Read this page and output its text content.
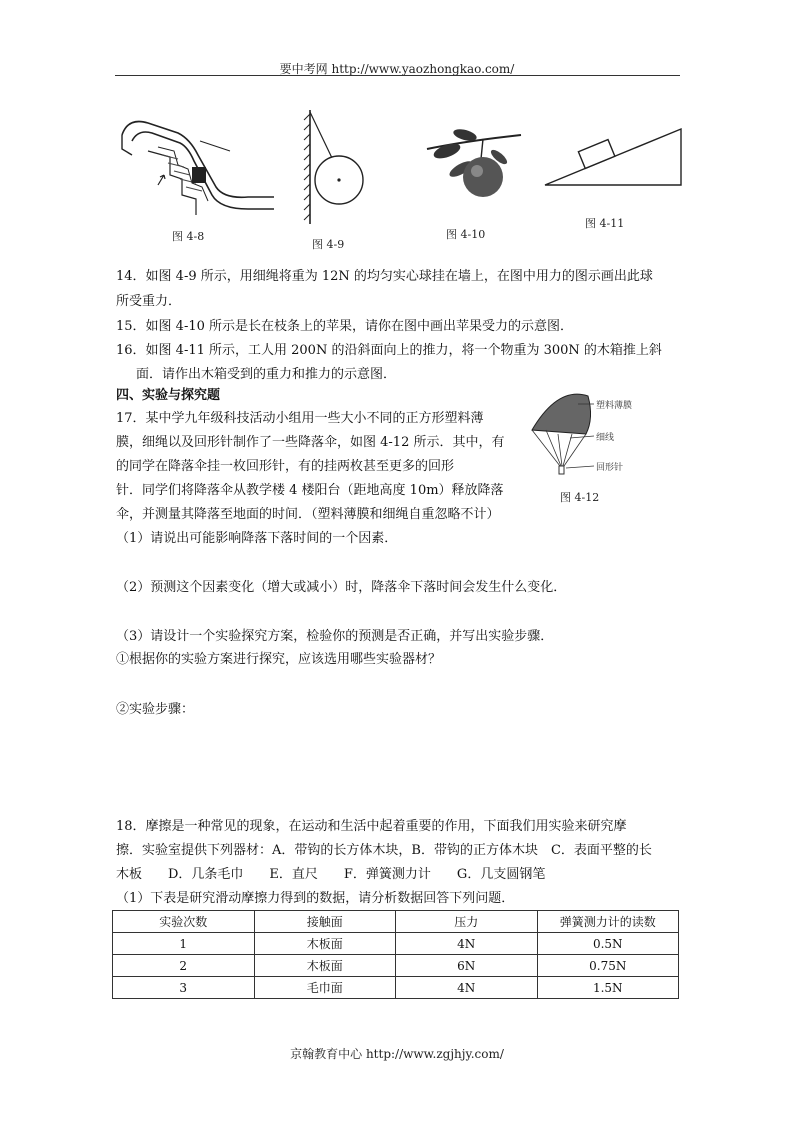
要中考网 http://www.yaozhongkao.com/
图 4-8
图 4-9
图 4-10
图 4-11
14．如图 4-9 所示，用细绳将重为 12N 的均匀实心球挂在墙上，在图中用力的图示画出此球
所受重力．
15．如图 4-10 所示是长在枝条上的苹果，请你在图中画出苹果受力的示意图．
16．如图 4-11 所示，工人用 200N 的沿斜面向上的推力，将一个物重为 300N 的木箱推上斜
面．请作出木箱受到的重力和推力的示意图．
四、实验与探究题
17．某中学九年级科技活动小组用一些大小不同的正方形塑料薄
膜，细绳以及回形针制作了一些降落伞，如图 4-12 所示．其中，有
的同学在降落伞挂一枚回形针，有的挂两枚甚至更多的回形
针．同学们将降落伞从教学楼 4 楼阳台（距地高度 10m）释放降落
伞，并测量其降落至地面的时间．（塑料薄膜和细绳自重忽略不计）
塑料薄膜
细线
回形针
图 4-12
（1）请说出可能影响降落下落时间的一个因素．
（2）预测这个因素变化（增大或减小）时，降落伞下落时间会发生什么变化．
（3）请设计一个实验探究方案，检验你的预测是否正确，并写出实验步骤．
①根据你的实验方案进行探究，应该选用哪些实验器材？
②实验步骤：
18．摩擦是一种常见的现象，在运动和生活中起着重要的作用，下面我们用实验来研究摩
擦．实验室提供下列器材：A．带钩的长方体木块，B．带钩的正方体木块　C．表面平整的长
木板　　D．几条毛巾　　E．直尺　　F．弹簧测力计　　G．几支圆钢笔
（1）下表是研究滑动摩擦力得到的数据，请分析数据回答下列问题．
实验次数	接触面	压力	弹簧测力计的读数
1	木板面	4N	0.5N
2	木板面	6N	0.75N
3	毛巾面	4N	1.5N
京翰教育中心 http://www.zgjhjy.com/
